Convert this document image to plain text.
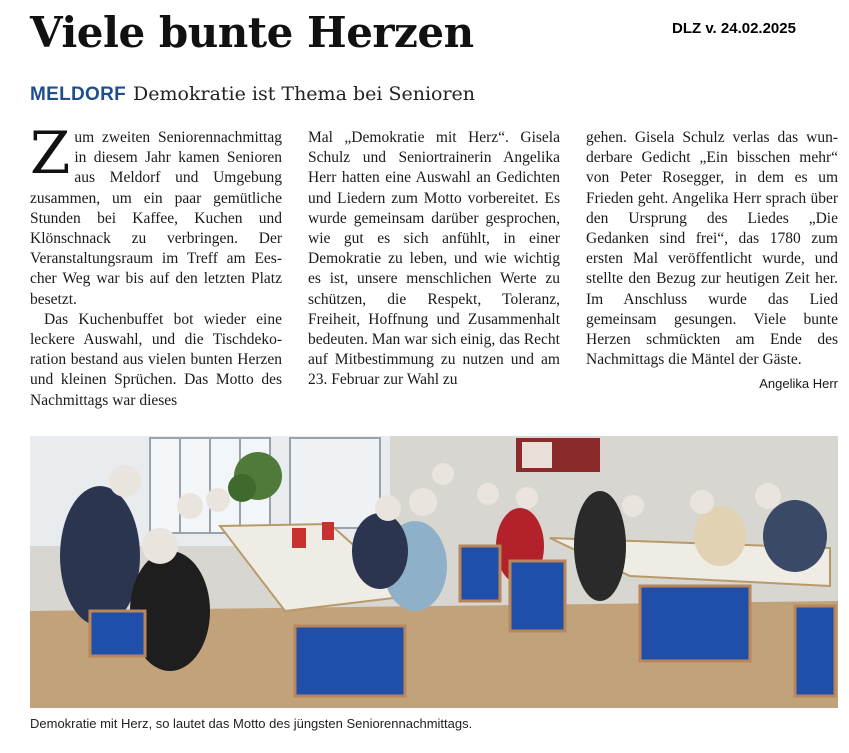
Viele bunte Herzen	DLZ v. 24.02.2025
MELDORF Demokratie ist Thema bei Senioren

Zum zweiten Seniorennachmittag in diesem Jahr kamen Senioren aus Meldorf und Umgebung zusammen, um ein paar gemütliche Stunden bei Kaffee, Kuchen und Klönschnack zu verbringen. Der Veranstaltungsraum im Treff am Eescher Weg war bis auf den letzten Platz besetzt.

Das Kuchenbuffet bot wieder eine leckere Auswahl, und die Tischdekoration bestand aus vielen bunten Herzen und kleinen Sprüchen. Das Motto des Nachmittags war dieses

Mal „Demokratie mit Herz“. Gisela Schulz und Seniortrainerin Angelika Herr hatten eine Auswahl an Gedichten und Liedern zum Motto vorbereitet. Es wurde gemeinsam darüber gesprochen, wie gut es sich anfühlt, in einer Demokratie zu leben, und wie wichtig es ist, unsere menschlichen Werte zu schützen, die Respekt, Toleranz, Freiheit, Hoffnung und Zusammenhalt bedeuten. Man war sich einig, das Recht auf Mitbestimmung zu nutzen und am 23. Februar zur Wahl zu

gehen. Gisela Schulz verlas das wunderbare Gedicht „Ein bisschen mehr“ von Peter Rosegger, in dem es um Frieden geht. Angelika Herr sprach über den Ursprung des Liedes „Die Gedanken sind frei“, das 1780 zum ersten Mal veröffentlicht wurde, und stellte den Bezug zur heutigen Zeit her. Im Anschluss wurde das Lied gemeinsam gesungen. Viele bunte Herzen schmückten am Ende des Nachmittags die Mäntel der Gäste.

Angelika Herr
Demokratie mit Herz, so lautet das Motto des jüngsten Seniorennachmittags.
